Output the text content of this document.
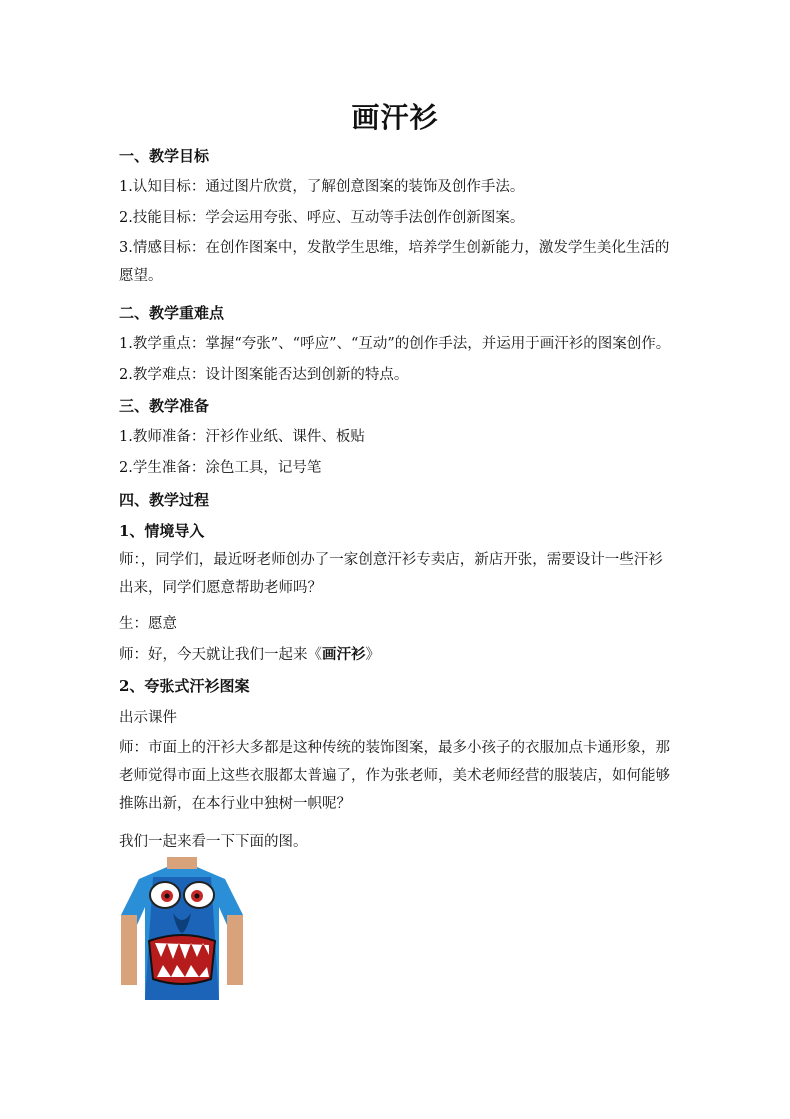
画汗衫
一、教学目标
1.认知目标：通过图片欣赏，了解创意图案的装饰及创作手法。
2.技能目标：学会运用夸张、呼应、互动等手法创作创新图案。
3.情感目标：在创作图案中，发散学生思维，培养学生创新能力，激发学生美化生活的愿望。
二、教学重难点
1.教学重点：掌握“夸张”、“呼应”、“互动”的创作手法，并运用于画汗衫的图案创作。
2.教学难点：设计图案能否达到创新的特点。
三、教学准备
1.教师准备：汗衫作业纸、课件、板贴
2.学生准备：涂色工具，记号笔
四、教学过程
1、情境导入
师：，同学们，最近呀老师创办了一家创意汗衫专卖店，新店开张，需要设计一些汗衫出来，同学们愿意帮助老师吗？
生：愿意
师：好，今天就让我们一起来《画汗衫》
2、夸张式汗衫图案
出示课件
师：市面上的汗衫大多都是这种传统的装饰图案，最多小孩子的衣服加点卡通形象，那老师觉得市面上这些衣服都太普遍了，作为张老师，美术老师经营的服装店，如何能够推陈出新，在本行业中独树一帜呢？
我们一起来看一下下面的图。
